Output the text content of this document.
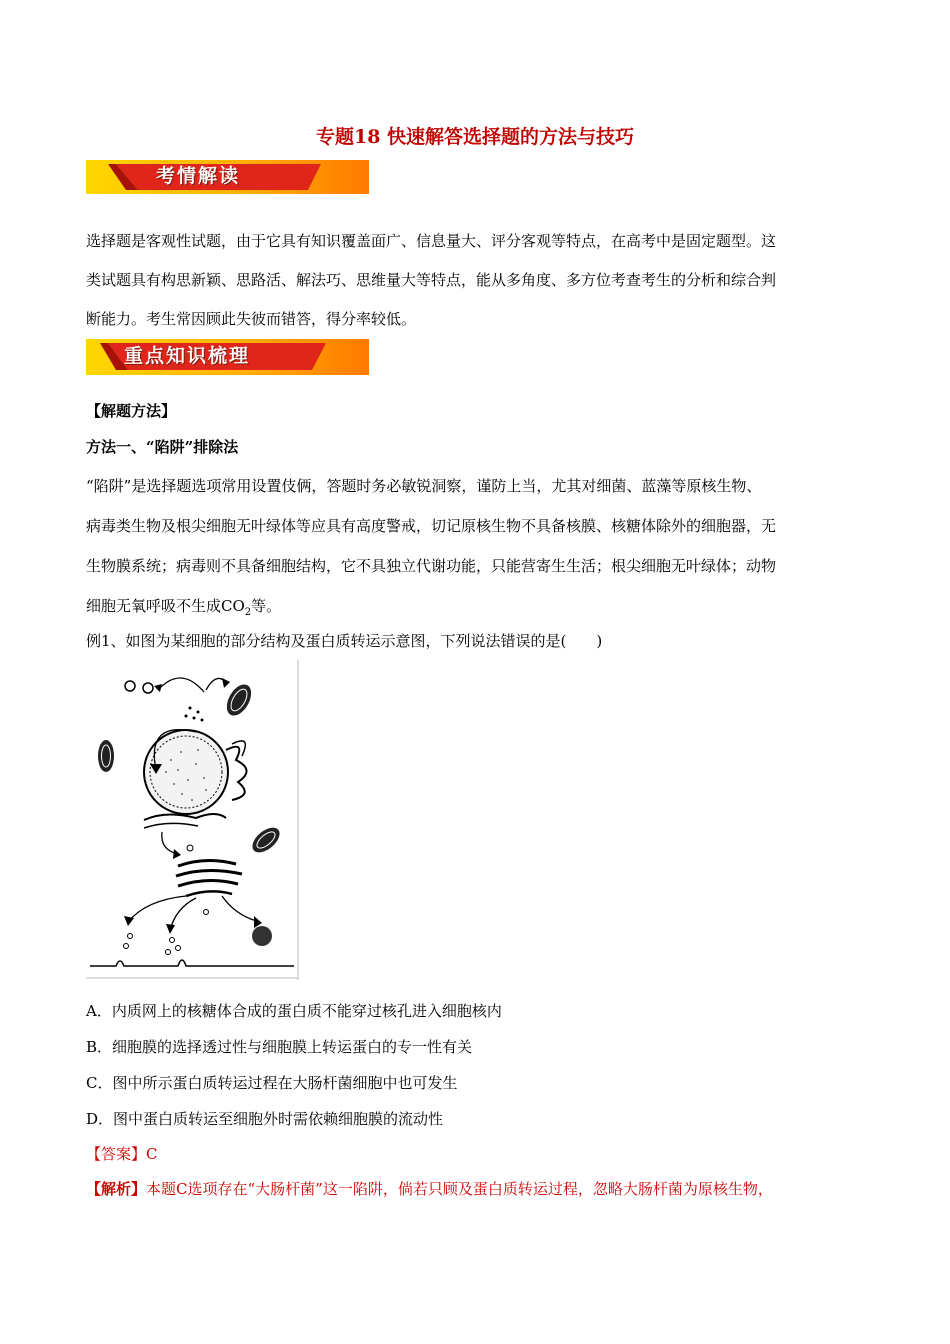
专题18 快速解答选择题的方法与技巧
考情解读

选择题是客观性试题，由于它具有知识覆盖面广、信息量大、评分客观等特点，在高考中是固定题型。这

类试题具有构思新颖、思路活、解法巧、思维量大等特点，能从多角度、多方位考查考生的分析和综合判

断能力。考生常因顾此失彼而错答，得分率较低。

重点知识梳理
【解题方法】
方法一、“陷阱”排除法

“陷阱”是选择题选项常用设置伎俩，答题时务必敏锐洞察，谨防上当，尤其对细菌、蓝藻等原核生物、

病毒类生物及根尖细胞无叶绿体等应具有高度警戒，切记原核生物不具备核膜、核糖体除外的细胞器，无

生物膜系统；病毒则不具备细胞结构，它不具独立代谢功能，只能营寄生生活；根尖细胞无叶绿体；动物

细胞无氧呼吸不生成$CO_2$等。

例1、如图为某细胞的部分结构及蛋白质转运示意图，下列说法错误的是(　　)
A．内质网上的核糖体合成的蛋白质不能穿过核孔进入细胞核内
B．细胞膜的选择透过性与细胞膜上转运蛋白的专一性有关
C．图中所示蛋白质转运过程在大肠杆菌细胞中也可发生
D．图中蛋白质转运至细胞外时需依赖细胞膜的流动性
【答案】C
【解析】本题C选项存在“大肠杆菌”这一陷阱，倘若只顾及蛋白质转运过程，忽略大肠杆菌为原核生物，
